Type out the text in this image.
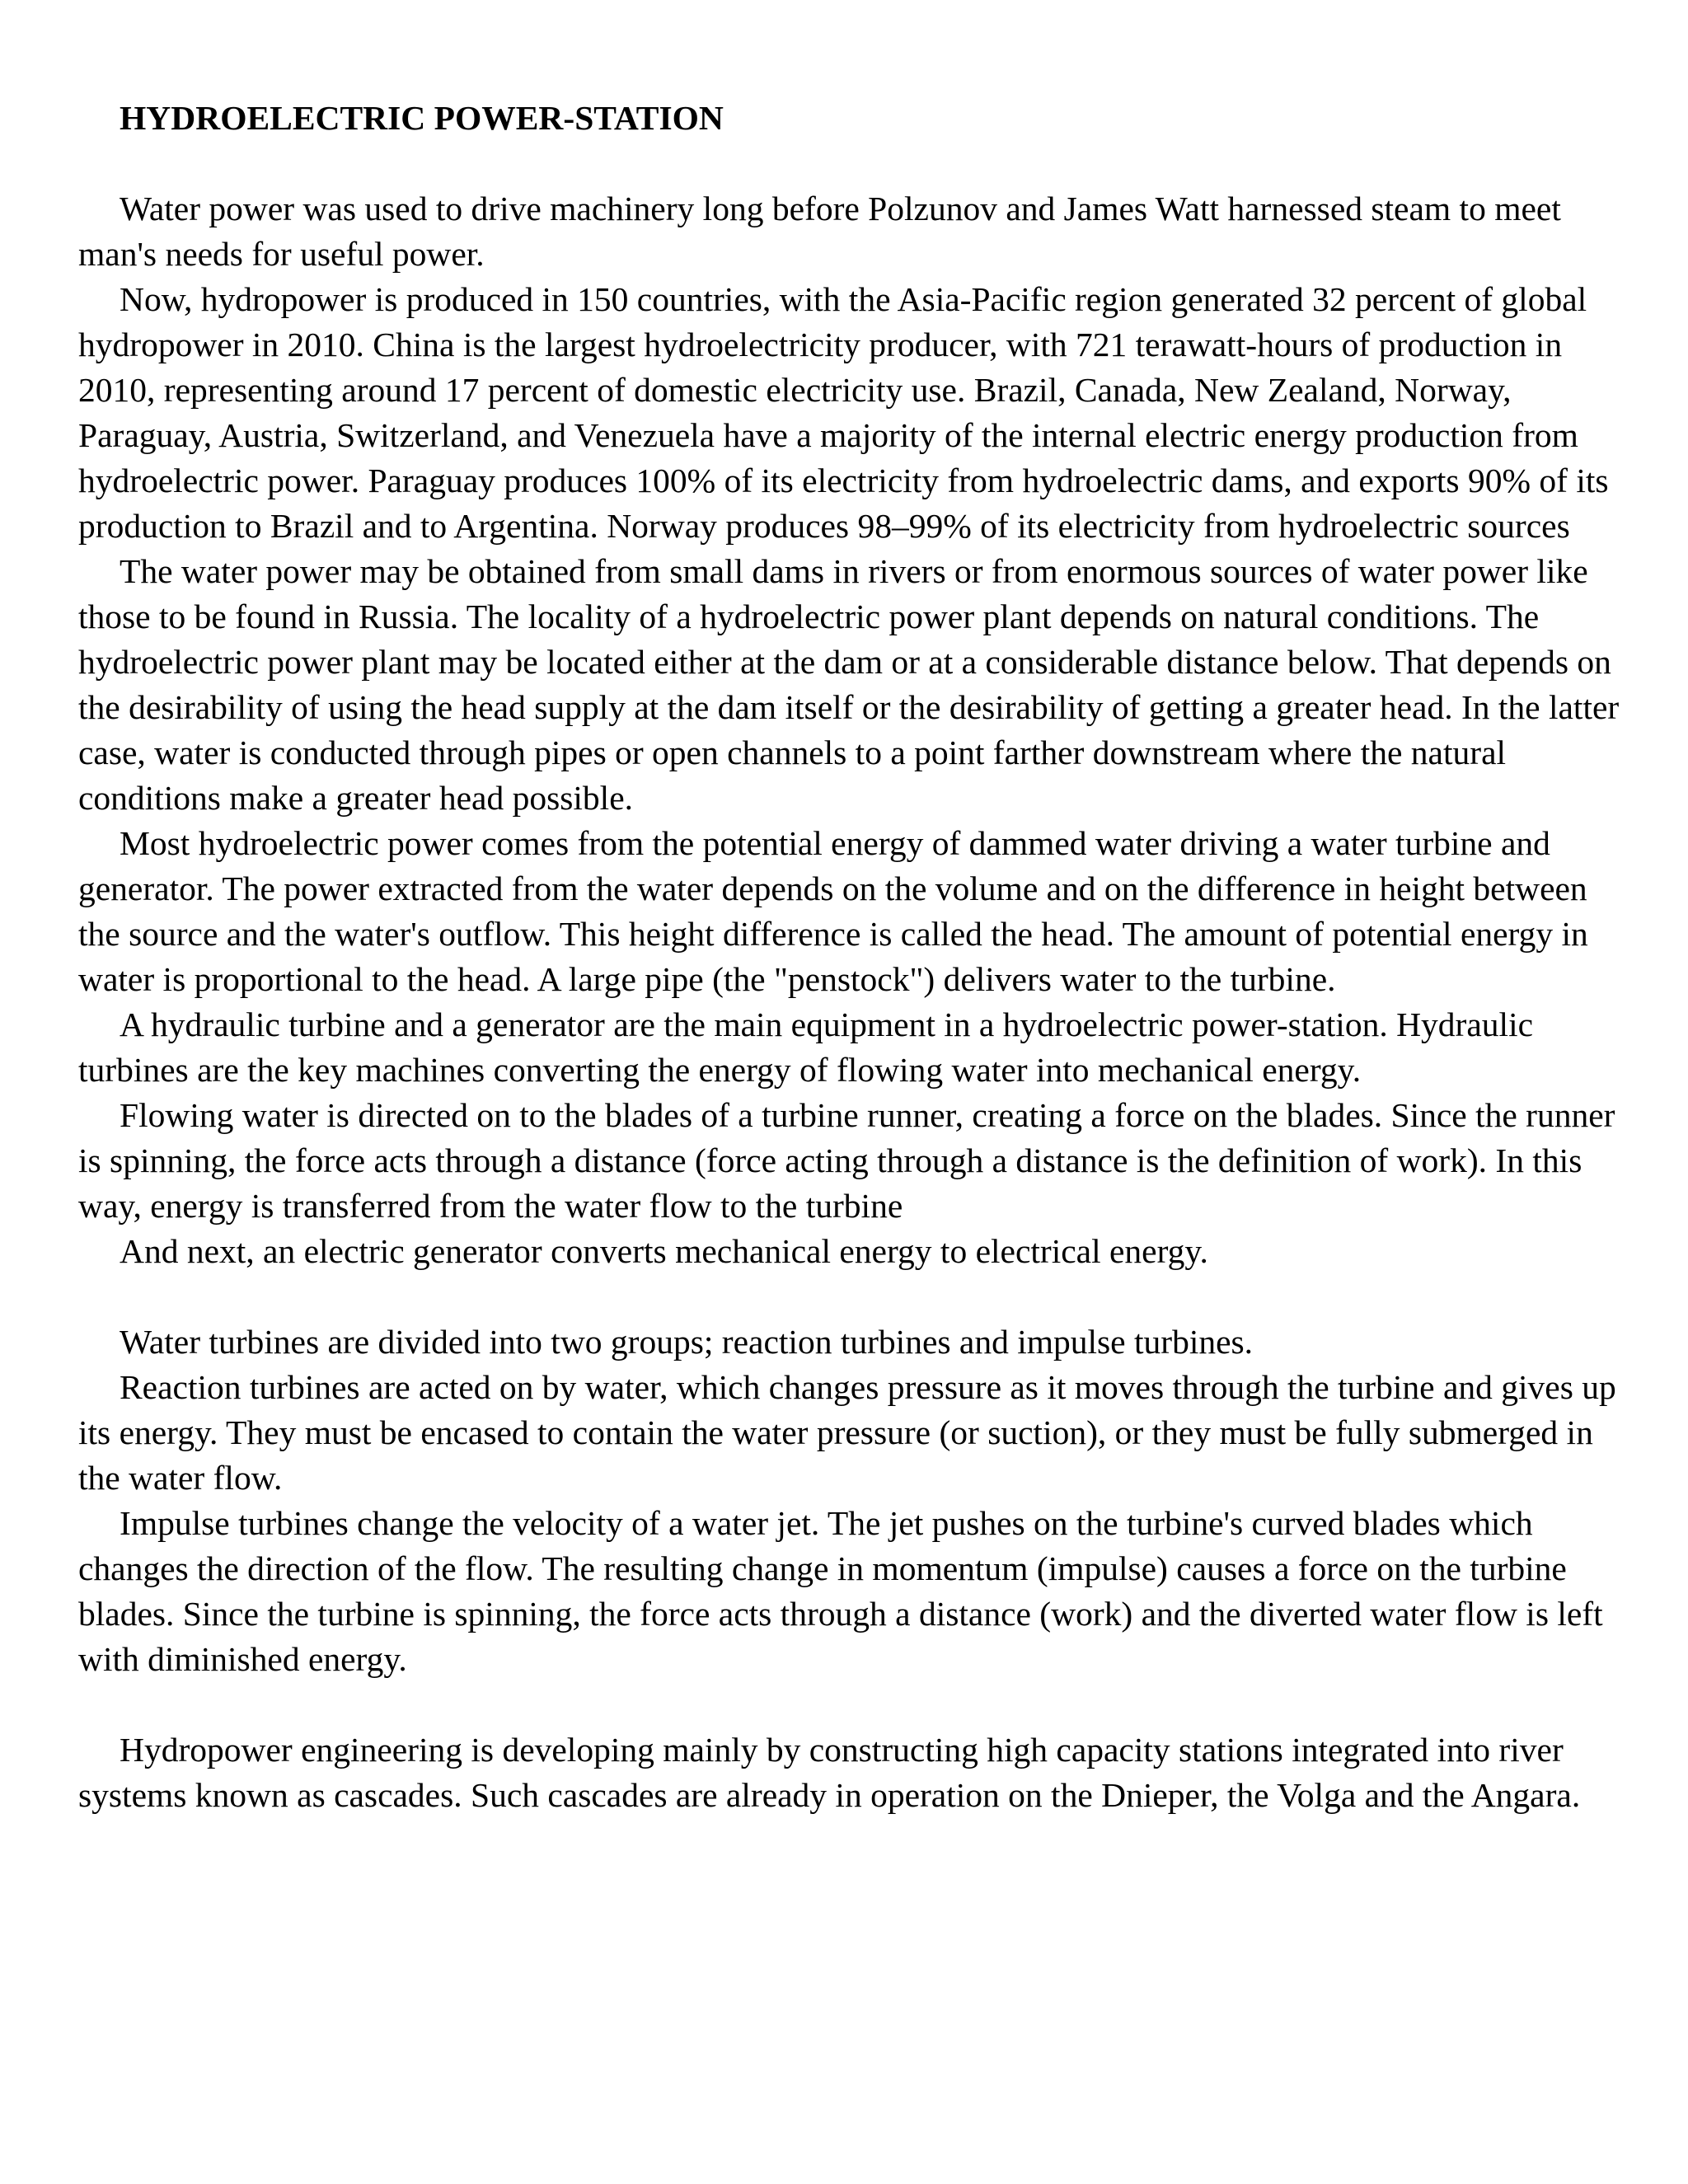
HYDROELECTRIC POWER-STATION

Water power was used to drive machinery long before Polzunov and James Watt harnessed steam to meet man's needs for useful power.

Now, hydropower is produced in 150 countries, with the Asia-Pacific region generated 32 percent of global hydropower in 2010. China is the largest hydroelectricity producer, with 721 terawatt-hours of production in 2010, representing around 17 percent of domestic electricity use. Brazil, Canada, New Zealand, Norway, Paraguay, Austria, Switzerland, and Venezuela have a majority of the internal electric energy production from hydroelectric power. Paraguay produces 100% of its electricity from hydroelectric dams, and exports 90% of its production to Brazil and to Argentina. Norway produces 98–99% of its electricity from hydroelectric sources

The water power may be obtained from small dams in rivers or from enormous sources of water power like those to be found in Russia. The locality of a hydroelectric power plant depends on natural conditions. The hydroelectric power plant may be located either at the dam or at a considerable distance below. That depends on the desirability of using the head supply at the dam itself or the desirability of getting a greater head. In the latter case, water is conducted through pipes or open channels to a point farther downstream where the natural conditions make a greater head possible.

Most hydroelectric power comes from the potential energy of dammed water driving a water turbine and generator. The power extracted from the water depends on the volume and on the difference in height between the source and the water's outflow. This height difference is called the head. The amount of potential energy in water is proportional to the head. A large pipe (the "penstock") delivers water to the turbine.

A hydraulic turbine and a generator are the main equipment in a hydroelectric power-station. Hydraulic turbines are the key machines converting the energy of flowing water into mechanical energy.

Flowing water is directed on to the blades of a turbine runner, creating a force on the blades. Since the runner is spinning, the force acts through a distance (force acting through a distance is the definition of work). In this way, energy is transferred from the water flow to the turbine

And next, an electric generator converts mechanical energy to electrical energy.

Water turbines are divided into two groups; reaction turbines and impulse turbines.

Reaction turbines are acted on by water, which changes pressure as it moves through the turbine and gives up its energy. They must be encased to contain the water pressure (or suction), or they must be fully submerged in the water flow.

Impulse turbines change the velocity of a water jet. The jet pushes on the turbine's curved blades which changes the direction of the flow. The resulting change in momentum (impulse) causes a force on the turbine blades. Since the turbine is spinning, the force acts through a distance (work) and the diverted water flow is left with diminished energy.

Hydropower engineering is developing mainly by constructing high capacity stations integrated into river systems known as cascades. Such cascades are already in operation on the Dnieper, the Volga and the Angara.
